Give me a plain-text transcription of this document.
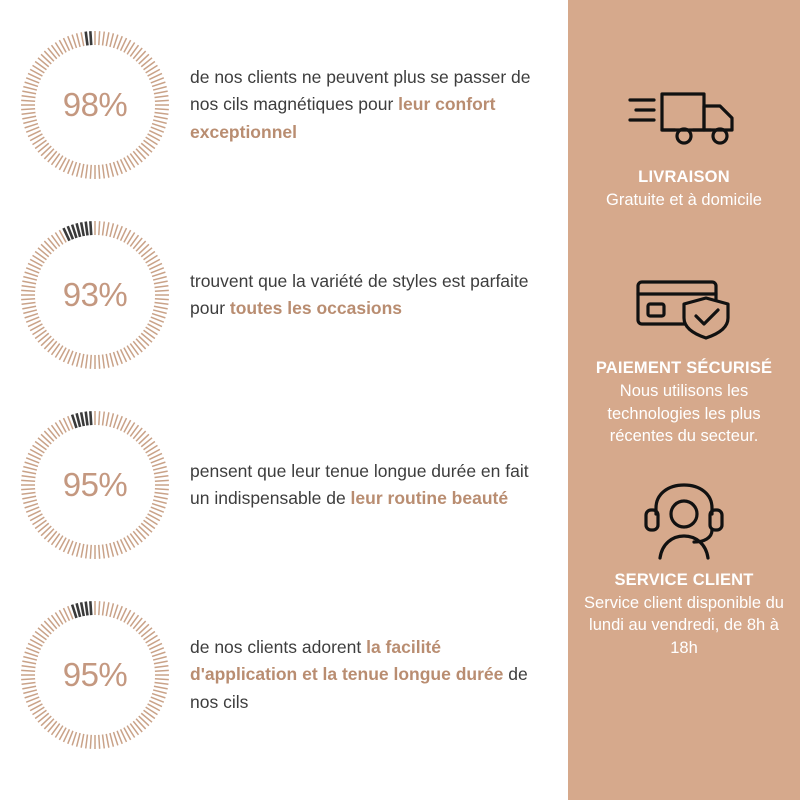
98%
de nos clients ne peuvent plus se passer de nos cils magnétiques pour leur confort exceptionnel
93%	trouvent que la variété de styles est parfaite pour toutes les occasions
95%	pensent que leur tenue longue durée en fait un indispensable de leur routine beauté
95%
de nos clients adorent la facilité d'application et la tenue longue durée de nos cils
LIVRAISON
Gratuite et à domicile
PAIEMENT SÉCURISÉ
Nous utilisons les technologies les plus récentes du secteur.
SERVICE CLIENT
Service client disponible du lundi au vendredi, de 8h à 18h
